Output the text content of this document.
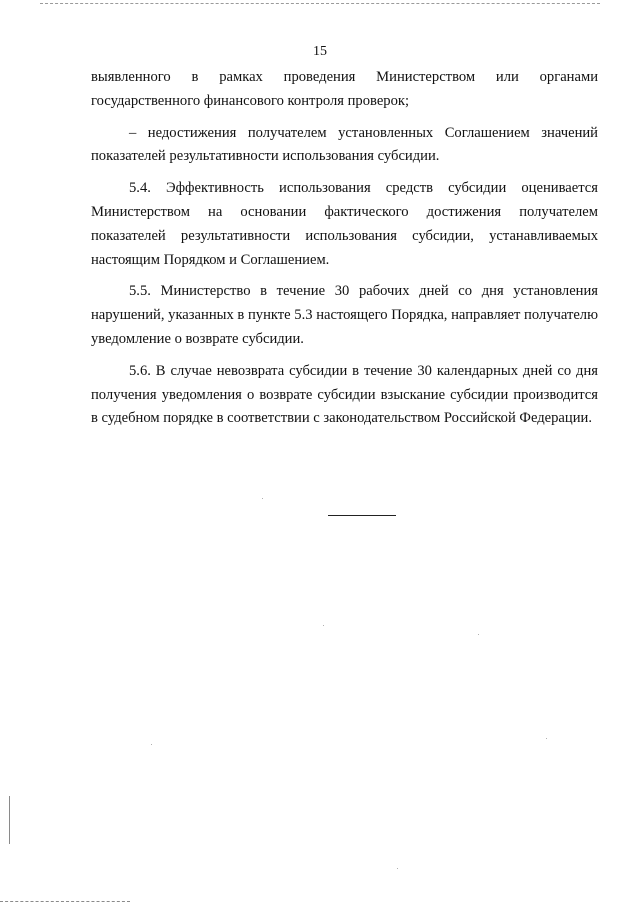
15

выявленного в рамках проведения Министерством или органами государственного финансового контроля проверок;

– недостижения получателем установленных Соглашением значений показателей результативности использования субсидии.

5.4. Эффективность использования средств субсидии оценивается Министерством на основании фактического достижения получателем показателей результативности использования субсидии, устанавливаемых настоящим Порядком и Соглашением.

5.5. Министерство в течение 30 рабочих дней со дня установления нарушений, указанных в пункте 5.3 настоящего Порядка, направляет получателю уведомление о возврате субсидии.

5.6. В случае невозврата субсидии в течение 30 календарных дней со дня получения уведомления о возврате субсидии взыскание субсидии производится в судебном порядке в соответствии с законодательством Российской Федерации.
